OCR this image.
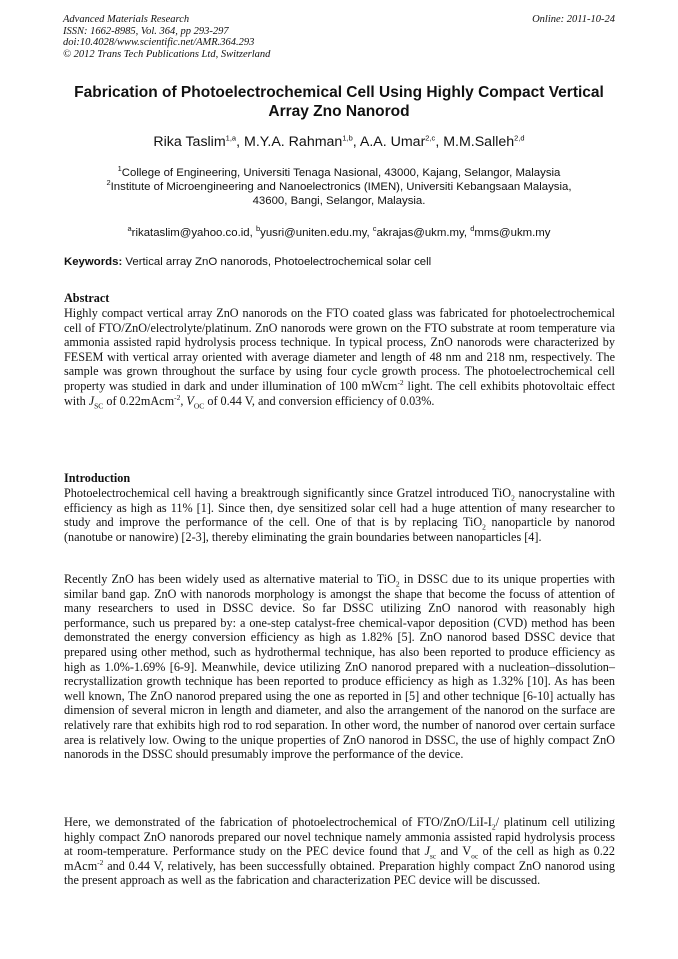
Advanced Materials Research
ISSN: 1662-8985, Vol. 364, pp 293-297
doi:10.4028/www.scientific.net/AMR.364.293
© 2012 Trans Tech Publications Ltd, Switzerland
Online: 2011-10-24
Fabrication of Photoelectrochemical Cell Using Highly Compact Vertical
Array Zno Nanorod
Rika Taslim$^{1,a}$, M.Y.A. Rahman$^{1,b}$, A.A. Umar$^{2,c}$, M.M.Salleh$^{2,d}$
$^1$College of Engineering, Universiti Tenaga Nasional, 43000, Kajang, Selangor, Malaysia
$^2$Institute of Microengineering and Nanoelectronics (IMEN), Universiti Kebangsaan Malaysia,
43600, Bangi, Selangor, Malaysia.
$^a$rikataslim@yahoo.co.id, $^b$yusri@uniten.edu.my, $^c$akrajas@ukm.my, $^d$mms@ukm.my
Keywords: Vertical array ZnO nanorods, Photoelectrochemical solar cell
Abstract
Highly compact vertical array ZnO nanorods on the FTO coated glass was fabricated for photoelectrochemical cell of FTO/ZnO/electrolyte/platinum. ZnO nanorods were grown on the FTO substrate at room temperature via ammonia assisted rapid hydrolysis process technique. In typical process, ZnO nanorods were characterized by FESEM with vertical array oriented with average diameter and length of 48 nm and 218 nm, respectively. The sample was grown throughout the surface by using four cycle growth process. The photoelectrochemical cell property was studied in dark and under illumination of 100 mWcm$^{-2}$ light. The cell exhibits photovoltaic effect with $J_{SC}$ of 0.22mAcm$^{-2}$, $V_{OC}$ of 0.44 V, and conversion efficiency of 0.03%.
Introduction
Photoelectrochemical cell having a breaktrough significantly since Gratzel introduced TiO$_2$ nanocrystaline with efficiency as high as 11% [1]. Since then, dye sensitized solar cell had a huge attention of many researcher to study and improve the performance of the cell. One of that is by replacing TiO$_2$ nanoparticle by nanorod (nanotube or nanowire) [2-3], thereby eliminating the grain boundaries between nanoparticles [4].
Recently ZnO has been widely used as alternative material to TiO$_2$ in DSSC due to its unique properties with similar band gap. ZnO with nanorods morphology is amongst the shape that become the focuss of attention of many researchers to used in DSSC device. So far DSSC utilizing ZnO nanorod with reasonably high performance, such us prepared by: a one-step catalyst-free chemical-vapor deposition (CVD) method has been demonstrated the energy conversion efficiency as high as 1.82% [5]. ZnO nanorod based DSSC device that prepared using other method, such as hydrothermal technique, has also been reported to produce efficiency as high as 1.0%-1.69% [6-9]. Meanwhile, device utilizing ZnO nanorod prepared with a nucleation–dissolution–recrystallization growth technique has been reported to produce efficiency as high as 1.32% [10]. As has been well known, The ZnO nanorod prepared using the one as reported in [5] and other technique [6-10] actually has dimension of several micron in length and diameter, and also the arrangement of the nanorod on the surface are relatively rare that exhibits high rod to rod separation. In other word, the number of nanorod over certain surface area is relatively low. Owing to the unique properties of ZnO nanorod in DSSC, the use of highly compact ZnO nanorods in the DSSC should presumably improve the performance of the device.
Here, we demonstrated of the fabrication of photoelectrochemical of FTO/$ZnO/LiI-I_2/$ platinum cell utilizing highly compact ZnO nanorods prepared our novel technique namely ammonia assisted rapid hydrolysis process at room-temperature. Performance study on the PEC device found that $J_{sc}$ and $V_{oc}$ of the cell as high as 0.22 mAcm$^{-2}$ and 0.44 V, relatively, has been successfully obtained. Preparation highly compact ZnO nanorod using the present approach as well as the fabrication and characterization PEC device will be discussed.
